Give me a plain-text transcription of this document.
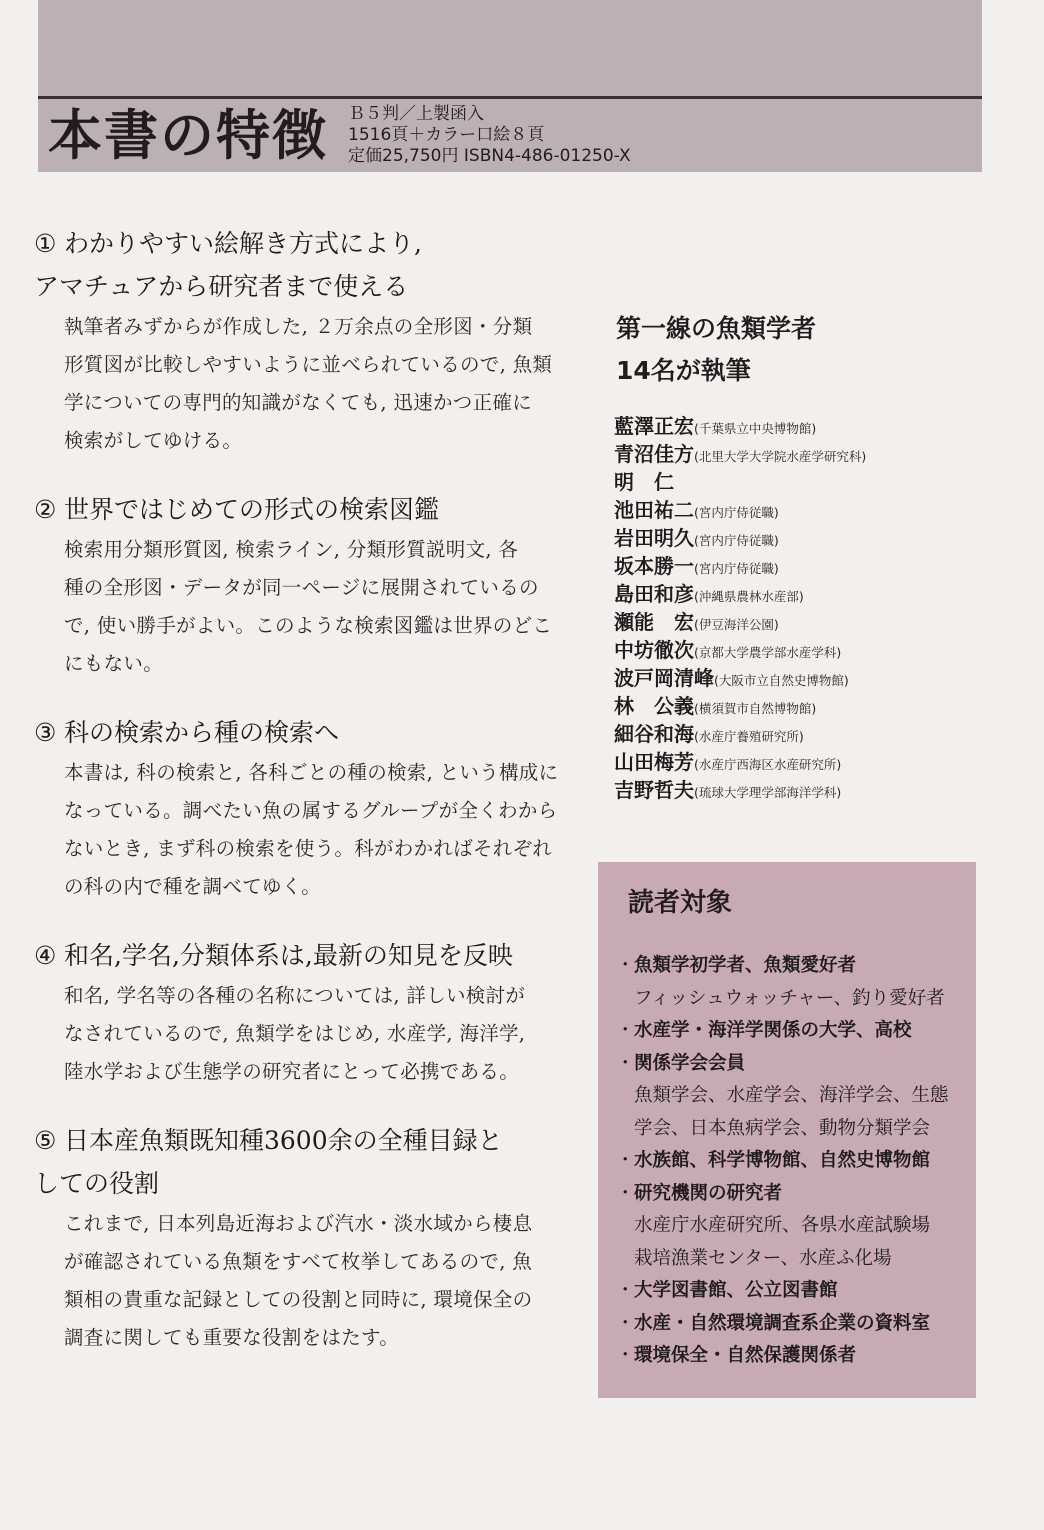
本書の特徴 Ｂ５判／上製函入
1516頁＋カラー口絵８頁
定価25,750円 ISBN4-486-01250-X
① わかりやすい絵解き方式により,
アマチュアから研究者まで使える
執筆者みずからが作成した, ２万余点の全形図・分類
形質図が比較しやすいように並べられているので, 魚類
学についての専門的知識がなくても, 迅速かつ正確に
検索がしてゆける。
② 世界ではじめての形式の検索図鑑
検索用分類形質図, 検索ライン, 分類形質説明文, 各
種の全形図・データが同一ページに展開されているの
で, 使い勝手がよい。このような検索図鑑は世界のどこ
にもない。
③ 科の検索から種の検索へ
本書は, 科の検索と, 各科ごとの種の検索, という構成に
なっている。調べたい魚の属するグループが全くわから
ないとき, まず科の検索を使う。科がわかればそれぞれ
の科の内で種を調べてゆく。
④ 和名,学名,分類体系は,最新の知見を反映
和名, 学名等の各種の名称については, 詳しい検討が
なされているので, 魚類学をはじめ, 水産学, 海洋学,
陸水学および生態学の研究者にとって必携である。
⑤ 日本産魚類既知種3600余の全種目録と
しての役割
これまで, 日本列島近海および汽水・淡水域から棲息
が確認されている魚類をすべて枚挙してあるので, 魚
類相の貴重な記録としての役割と同時に, 環境保全の
調査に関しても重要な役割をはたす。
第一線の魚類学者
14名が執筆
藍澤正宏 (千葉県立中央博物館)
青沼佳方 (北里大学大学院水産学研究科)
明　仁
池田祐二 (宮内庁侍従職)
岩田明久 (宮内庁侍従職)
坂本勝一 (宮内庁侍従職)
島田和彦 (沖縄県農林水産部)
瀬能　宏 (伊豆海洋公園)
中坊徹次 (京都大学農学部水産学科)
波戸岡清峰 (大阪市立自然史博物館)
林　公義 (横須賀市自然博物館)
細谷和海 (水産庁養殖研究所)
山田梅芳 (水産庁西海区水産研究所)
吉野哲夫 (琉球大学理学部海洋学科)
読者対象
・ 魚類学初学者、魚類愛好者
フィッシュウォッチャー、釣り愛好者
・ 水産学・海洋学関係の大学、高校
・ 関係学会会員
魚類学会、水産学会、海洋学会、生態
学会、日本魚病学会、動物分類学会
・ 水族館、科学博物館、自然史博物館
・ 研究機関の研究者
水産庁水産研究所、各県水産試験場
栽培漁業センター、水産ふ化場
・ 大学図書館、公立図書館
・ 水産・自然環境調査系企業の資料室
・ 環境保全・自然保護関係者
